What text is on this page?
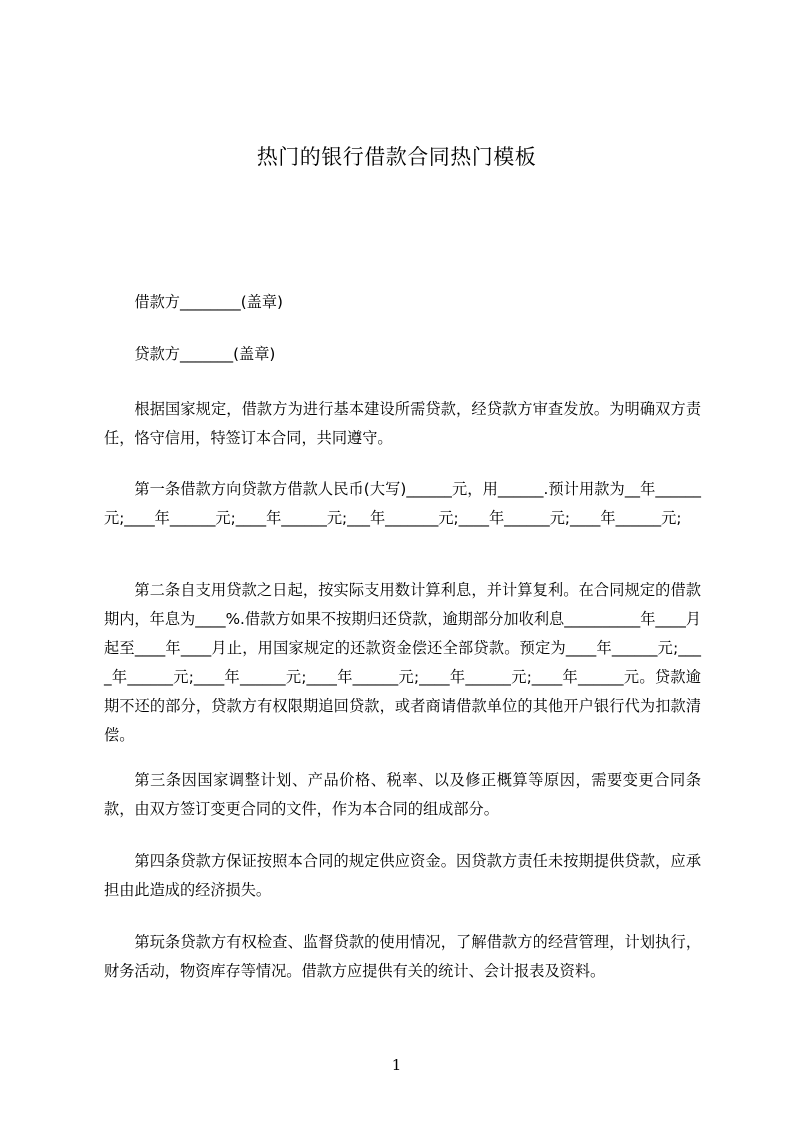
热门的银行借款合同热门模板
借款方________(盖章)
贷款方_______(盖章)
根据国家规定，借款方为进行基本建设所需贷款，经贷款方审查发放。为明确双方责任，恪守信用，特签订本合同，共同遵守。
第一条借款方向贷款方借款人民币(大写)______元，用______.预计用款为__年______元;____年______元;____年______元;___年_______元;____年______元;____年______元;
第二条自支用贷款之日起，按实际支用数计算利息，并计算复利。在合同规定的借款期内，年息为____%.借款方如果不按期归还贷款，逾期部分加收利息__________年____月起至____年____月止，用国家规定的还款资金偿还全部贷款。预定为____年______元;____年______元;____年______元;____年______元;____年______元;____年______元。贷款逾期不还的部分，贷款方有权限期追回贷款，或者商请借款单位的其他开户银行代为扣款清偿。
第三条因国家调整计划、产品价格、税率、以及修正概算等原因，需要变更合同条款，由双方签订变更合同的文件，作为本合同的组成部分。
第四条贷款方保证按照本合同的规定供应资金。因贷款方责任未按期提供贷款，应承担由此造成的经济损失。
第玩条贷款方有权检查、监督贷款的使用情况，了解借款方的经营管理，计划执行，财务活动，物资库存等情况。借款方应提供有关的统计、会计报表及资料。
1
